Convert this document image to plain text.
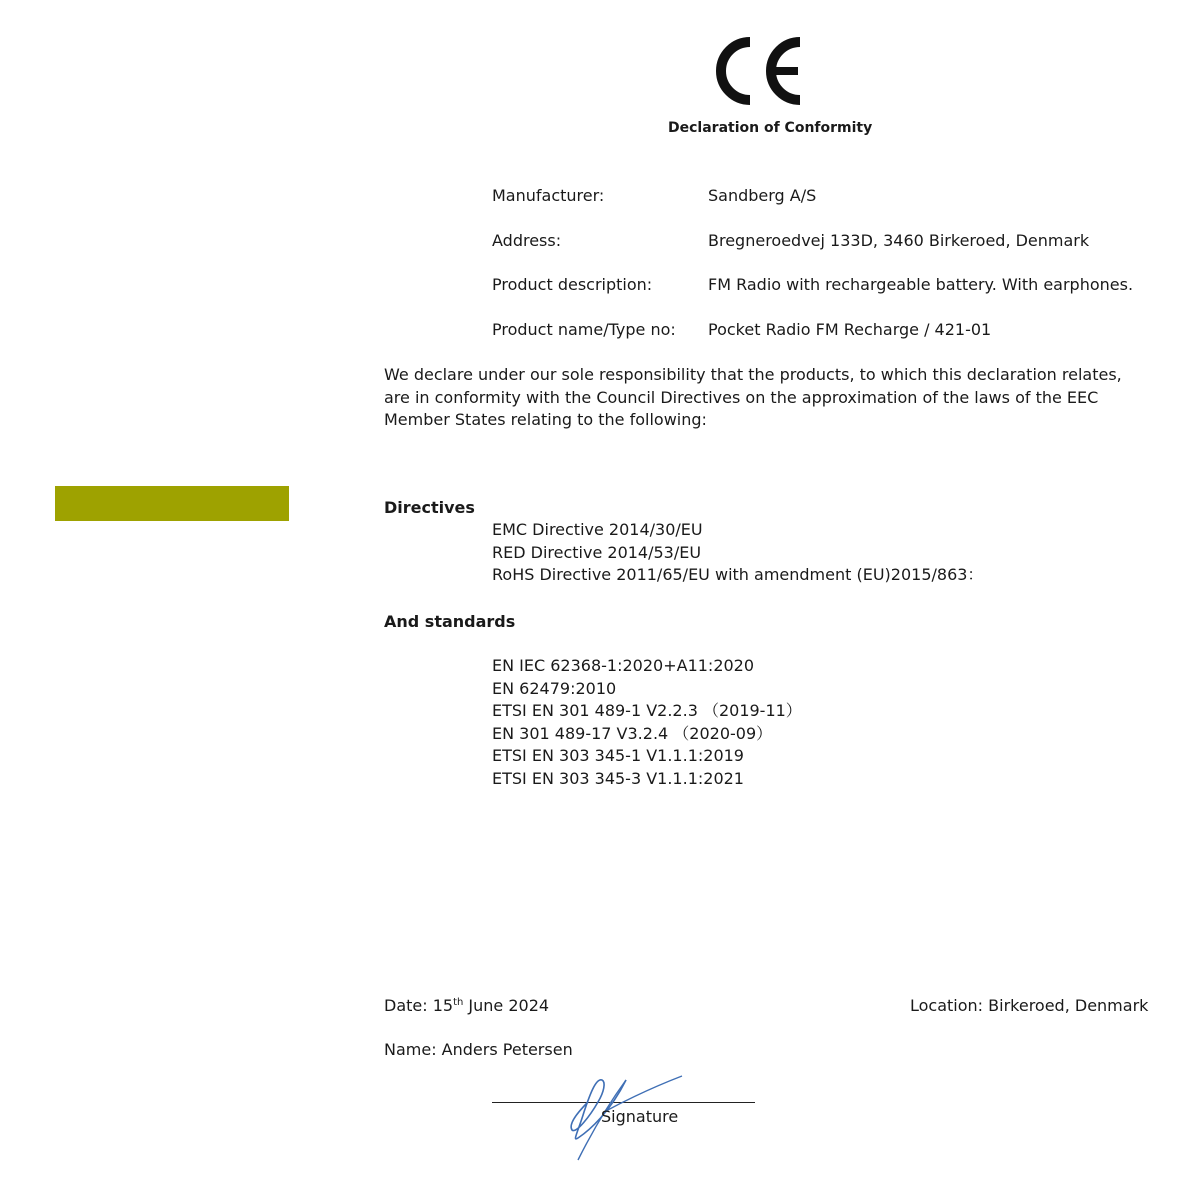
Declaration of Conformity
Manufacturer:	Sandberg A/S
Address:	Bregneroedvej 133D, 3460 Birkeroed, Denmark
Product description:	FM Radio with rechargeable battery. With earphones.
Product name/Type no: Pocket Radio FM Recharge / 421-01
We declare under our sole responsibility that the products, to which this declaration relates, are in conformity with the Council Directives on the approximation of the laws of the EEC Member States relating to the following:
Directives
EMC Directive 2014/30/EU
RED Directive 2014/53/EU
RoHS Directive 2011/65/EU with amendment (EU)2015/863：
And standards
EN IEC 62368-1:2020+A11:2020
EN 62479:2010
ETSI EN 301 489-1 V2.2.3 （2019-11）
EN 301 489-17 V3.2.4 （2020-09）
ETSI EN 303 345-1 V1.1.1:2019
ETSI EN 303 345-3 V1.1.1:2021
Date: 15th June 2024	Location: Birkeroed, Denmark
Name: Anders Petersen
Signature
